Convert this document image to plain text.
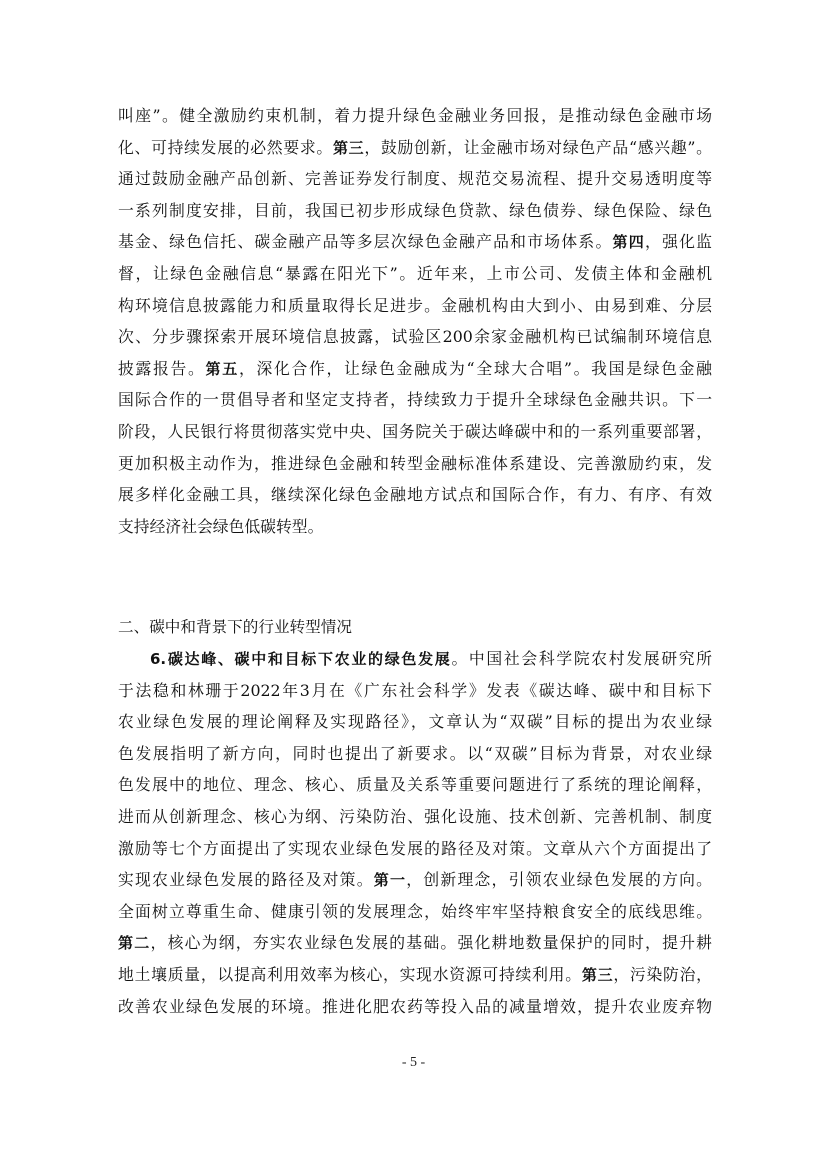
叫座”。健全激励约束机制，着力提升绿色金融业务回报，是推动绿色金融市场
化、可持续发展的必然要求。第三，鼓励创新，让金融市场对绿色产品“感兴趣”。
通过鼓励金融产品创新、完善证券发行制度、规范交易流程、提升交易透明度等
一系列制度安排，目前，我国已初步形成绿色贷款、绿色债券、绿色保险、绿色
基金、绿色信托、碳金融产品等多层次绿色金融产品和市场体系。第四，强化监
督，让绿色金融信息“暴露在阳光下”。近年来，上市公司、发债主体和金融机
构环境信息披露能力和质量取得长足进步。金融机构由大到小、由易到难、分层
次、分步骤探索开展环境信息披露，试验区200余家金融机构已试编制环境信息
披露报告。第五，深化合作，让绿色金融成为“全球大合唱”。我国是绿色金融
国际合作的一贯倡导者和坚定支持者，持续致力于提升全球绿色金融共识。下一
阶段，人民银行将贯彻落实党中央、国务院关于碳达峰碳中和的一系列重要部署，
更加积极主动作为，推进绿色金融和转型金融标准体系建设、完善激励约束，发
展多样化金融工具，继续深化绿色金融地方试点和国际合作，有力、有序、有效
支持经济社会绿色低碳转型。
二、碳中和背景下的行业转型情况
6.碳达峰、碳中和目标下农业的绿色发展。中国社会科学院农村发展研究所
于法稳和林珊于2022年3月在《广东社会科学》发表《碳达峰、碳中和目标下
农业绿色发展的理论阐释及实现路径》，文章认为“双碳”目标的提出为农业绿
色发展指明了新方向，同时也提出了新要求。以“双碳”目标为背景，对农业绿
色发展中的地位、理念、核心、质量及关系等重要问题进行了系统的理论阐释，
进而从创新理念、核心为纲、污染防治、强化设施、技术创新、完善机制、制度
激励等七个方面提出了实现农业绿色发展的路径及对策。文章从六个方面提出了
实现农业绿色发展的路径及对策。第一，创新理念，引领农业绿色发展的方向。
全面树立尊重生命、健康引领的发展理念，始终牢牢坚持粮食安全的底线思维。
第二，核心为纲，夯实农业绿色发展的基础。强化耕地数量保护的同时，提升耕
地土壤质量，以提高利用效率为核心，实现水资源可持续利用。第三，污染防治，
改善农业绿色发展的环境。推进化肥农药等投入品的减量增效，提升农业废弃物
- 5 -
